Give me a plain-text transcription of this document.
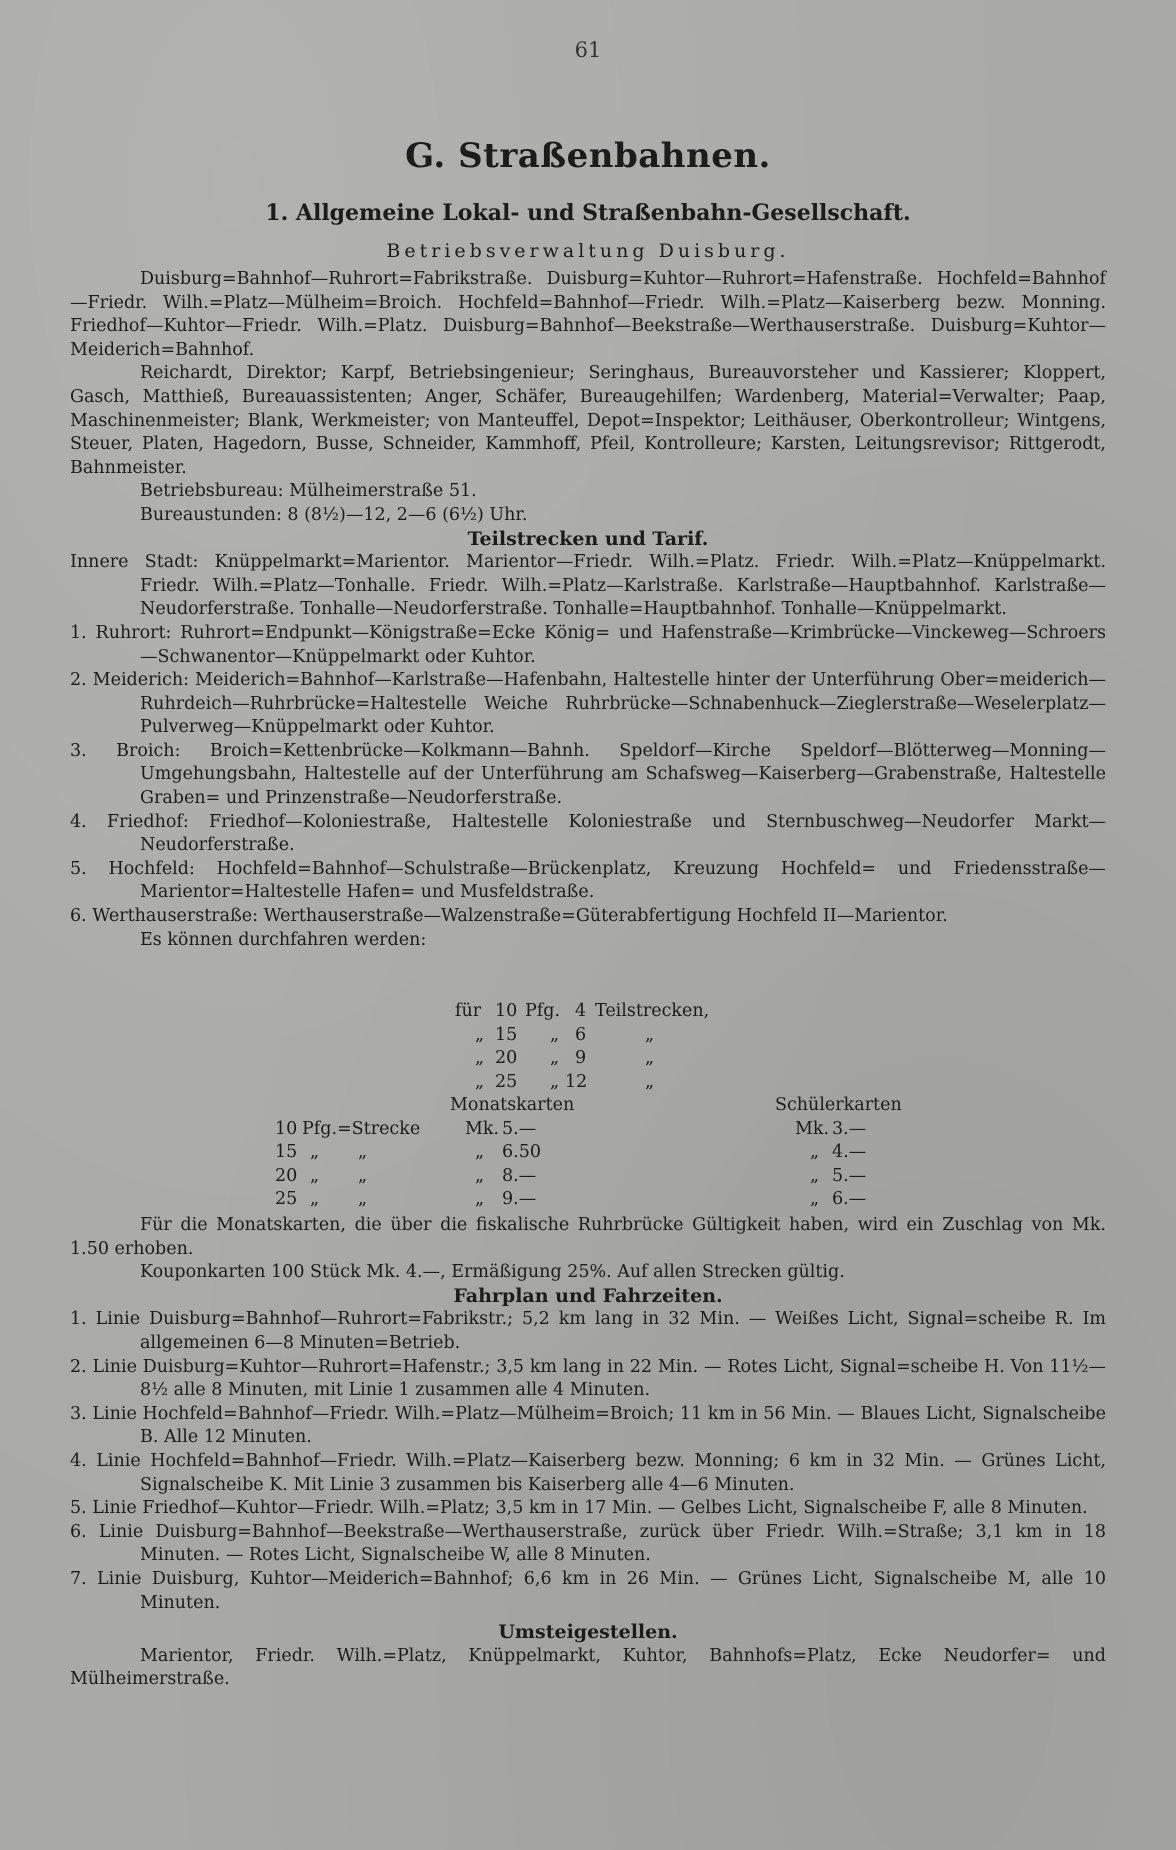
61
G. Straßenbahnen.
1. Allgemeine Lokal- und Straßenbahn-Gesellschaft.
Betriebsverwaltung Duisburg.

Duisburg=Bahnhof—Ruhrort=Fabrikstraße. Duisburg=Kuhtor—Ruhrort=Hafenstraße. Hochfeld=Bahnhof—Friedr. Wilh.=Platz—Mülheim=Broich. Hochfeld=Bahnhof—Friedr. Wilh.=Platz—Kaiserberg bezw. Monning. Friedhof—Kuhtor—Friedr. Wilh.=Platz. Duisburg=Bahnhof—Beekstraße—Werthauserstraße. Duisburg=Kuhtor—Meiderich=Bahnhof.

Reichardt, Direktor; Karpf, Betriebsingenieur; Seringhaus, Bureauvorsteher und Kassierer; Kloppert, Gasch, Matthieß, Bureauassistenten; Anger, Schäfer, Bureaugehilfen; Wardenberg, Material=Verwalter; Paap, Maschinenmeister; Blank, Werkmeister; von Manteuffel, Depot=Inspektor; Leithäuser, Oberkontrolleur; Wintgens, Steuer, Platen, Hagedorn, Busse, Schneider, Kammhoff, Pfeil, Kontrolleure; Karsten, Leitungsrevisor; Rittgerodt, Bahnmeister.

Betriebsbureau: Mülheimerstraße 51.

Bureaustunden: 8 (8½)—12, 2—6 (6½) Uhr.

Teilstrecken und Tarif.

Innere Stadt: Knüppelmarkt=Marientor. Marientor—Friedr. Wilh.=Platz. Friedr. Wilh.=Platz—Knüppelmarkt. Friedr. Wilh.=Platz—Tonhalle. Friedr. Wilh.=Platz—Karlstraße. Karlstraße—Hauptbahnhof. Karlstraße—Neudorferstraße. Tonhalle—Neudorferstraße. Tonhalle=Hauptbahnhof. Tonhalle—Knüppelmarkt.

1. Ruhrort: Ruhrort=Endpunkt—Königstraße=Ecke König= und Hafenstraße—Krimbrücke—Vinckeweg—Schroers—Schwanentor—Knüppelmarkt oder Kuhtor.

2. Meiderich: Meiderich=Bahnhof—Karlstraße—Hafenbahn, Haltestelle hinter der Unterführung Ober=meiderich—Ruhrdeich—Ruhrbrücke=Haltestelle Weiche Ruhrbrücke—Schnabenhuck—Zieglerstraße—Weselerplatz—Pulverweg—Knüppelmarkt oder Kuhtor.

3. Broich: Broich=Kettenbrücke—Kolkmann—Bahnh. Speldorf—Kirche Speldorf—Blötterweg—Monning—Umgehungsbahn, Haltestelle auf der Unterführung am Schafsweg—Kaiserberg—Grabenstraße, Haltestelle Graben= und Prinzenstraße—Neudorferstraße.

4. Friedhof: Friedhof—Koloniestraße, Haltestelle Koloniestraße und Sternbuschweg—Neudorfer Markt—Neudorferstraße.

5. Hochfeld: Hochfeld=Bahnhof—Schulstraße—Brückenplatz, Kreuzung Hochfeld= und Friedensstraße—Marientor=Haltestelle Hafen= und Musfeldstraße.

6. Werthauserstraße: Werthauserstraße—Walzenstraße=Güterabfertigung Hochfeld II—Marientor.

Es können durchfahren werden:

für 10 Pfg. 4 Teilstrecken,
„ 15 „ 6	„
„ 20 „ 9	„
„ 25 „ 12	„
Monatskarten	Schülerkarten
10 Pfg.=Strecke	Mk. 5.—	Mk. 3.—
15 „       „	„ 6.50	„ 4.—
20 „       „	„ 8.—	„ 5.—
25 „       „	„ 9.—	„ 6.—

Für die Monatskarten, die über die fiskalische Ruhrbrücke Gültigkeit haben, wird ein Zuschlag von Mk. 1.50 erhoben.

Kouponkarten 100 Stück Mk. 4.—, Ermäßigung 25%. Auf allen Strecken gültig.

Fahrplan und Fahrzeiten.

1. Linie Duisburg=Bahnhof—Ruhrort=Fabrikstr.; 5,2 km lang in 32 Min. — Weißes Licht, Signal=scheibe R. Im allgemeinen 6—8 Minuten=Betrieb.

2. Linie Duisburg=Kuhtor—Ruhrort=Hafenstr.; 3,5 km lang in 22 Min. — Rotes Licht, Signal=scheibe H. Von 11½—8½ alle 8 Minuten, mit Linie 1 zusammen alle 4 Minuten.

3. Linie Hochfeld=Bahnhof—Friedr. Wilh.=Platz—Mülheim=Broich; 11 km in 56 Min. — Blaues Licht, Signalscheibe B. Alle 12 Minuten.

4. Linie Hochfeld=Bahnhof—Friedr. Wilh.=Platz—Kaiserberg bezw. Monning; 6 km in 32 Min. — Grünes Licht, Signalscheibe K. Mit Linie 3 zusammen bis Kaiserberg alle 4—6 Minuten.

5. Linie Friedhof—Kuhtor—Friedr. Wilh.=Platz; 3,5 km in 17 Min. — Gelbes Licht, Signalscheibe F, alle 8 Minuten.

6. Linie Duisburg=Bahnhof—Beekstraße—Werthauserstraße, zurück über Friedr. Wilh.=Straße; 3,1 km in 18 Minuten. — Rotes Licht, Signalscheibe W, alle 8 Minuten.

7. Linie Duisburg, Kuhtor—Meiderich=Bahnhof; 6,6 km in 26 Min. — Grünes Licht, Signalscheibe M, alle 10 Minuten.

Umsteigestellen.

Marientor, Friedr. Wilh.=Platz, Knüppelmarkt, Kuhtor, Bahnhofs=Platz, Ecke Neudorfer= und Mülheimerstraße.
